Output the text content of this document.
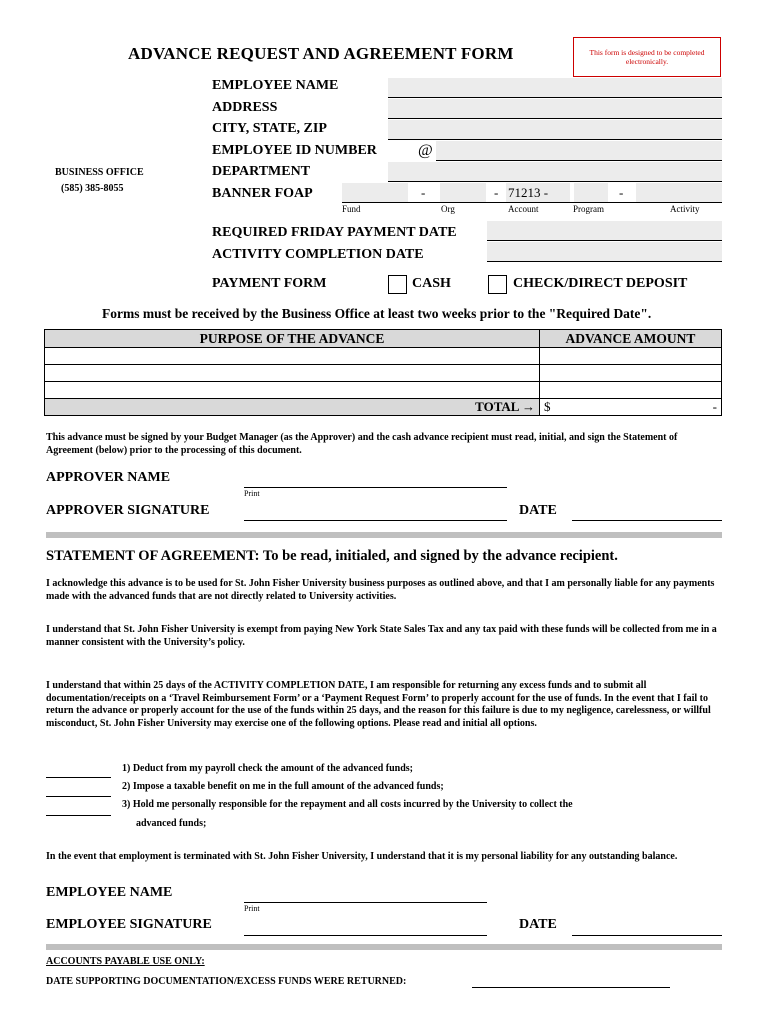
ADVANCE REQUEST AND AGREEMENT FORM	This form is designed to be completed electronically.
BUSINESS OFFICE
(585) 385-8055
EMPLOYEE NAME
ADDRESS
CITY, STATE, ZIP
EMPLOYEE ID NUMBER	@
DEPARTMENT
BANNER FOAP	-	- 71213 -	-
Fund	Org	Account	Program	Activity
REQUIRED FRIDAY PAYMENT DATE
ACTIVITY COMPLETION DATE
PAYMENT FORM	CASH	CHECK/DIRECT DEPOSIT
Forms must be received by the Business Office at least two weeks prior to the "Required Date".
PURPOSE OF THE ADVANCE	ADVANCE AMOUNT

TOTAL →	$ -
This advance must be signed by your Budget Manager (as the Approver) and the cash advance recipient must read, initial, and sign the Statement of Agreement (below) prior to the processing of this document.
APPROVER NAME
Print
APPROVER SIGNATURE	DATE
STATEMENT OF AGREEMENT: To be read, initialed, and signed by the advance recipient.
I acknowledge this advance is to be used for St. John Fisher University business purposes as outlined above, and that I am personally liable for any payments made with the advanced funds that are not directly related to University activities.
I understand that St. John Fisher University is exempt from paying New York State Sales Tax and any tax paid with these funds will be collected from me in a manner consistent with the University’s policy.
I understand that within 25 days of the ACTIVITY COMPLETION DATE, I am responsible for returning any excess funds and to submit all documentation/receipts on a ‘Travel Reimbursement Form’ or a ‘Payment Request Form’ to properly account for the use of funds. In the event that I fail to return the advance or properly account for the use of the funds within 25 days, and the reason for this failure is due to my negligence, carelessness, or willful misconduct, St. John Fisher University may exercise one of the following options. Please read and initial all options.
1) Deduct from my payroll check the amount of the advanced funds;
2) Impose a taxable benefit on me in the full amount of the advanced funds;
3) Hold me personally responsible for the repayment and all costs incurred by the University to collect the
advanced funds;
In the event that employment is terminated with St. John Fisher University, I understand that it is my personal liability for any outstanding balance.
EMPLOYEE NAME
Print
EMPLOYEE SIGNATURE	DATE
ACCOUNTS PAYABLE USE ONLY:
DATE SUPPORTING DOCUMENTATION/EXCESS FUNDS WERE RETURNED:
